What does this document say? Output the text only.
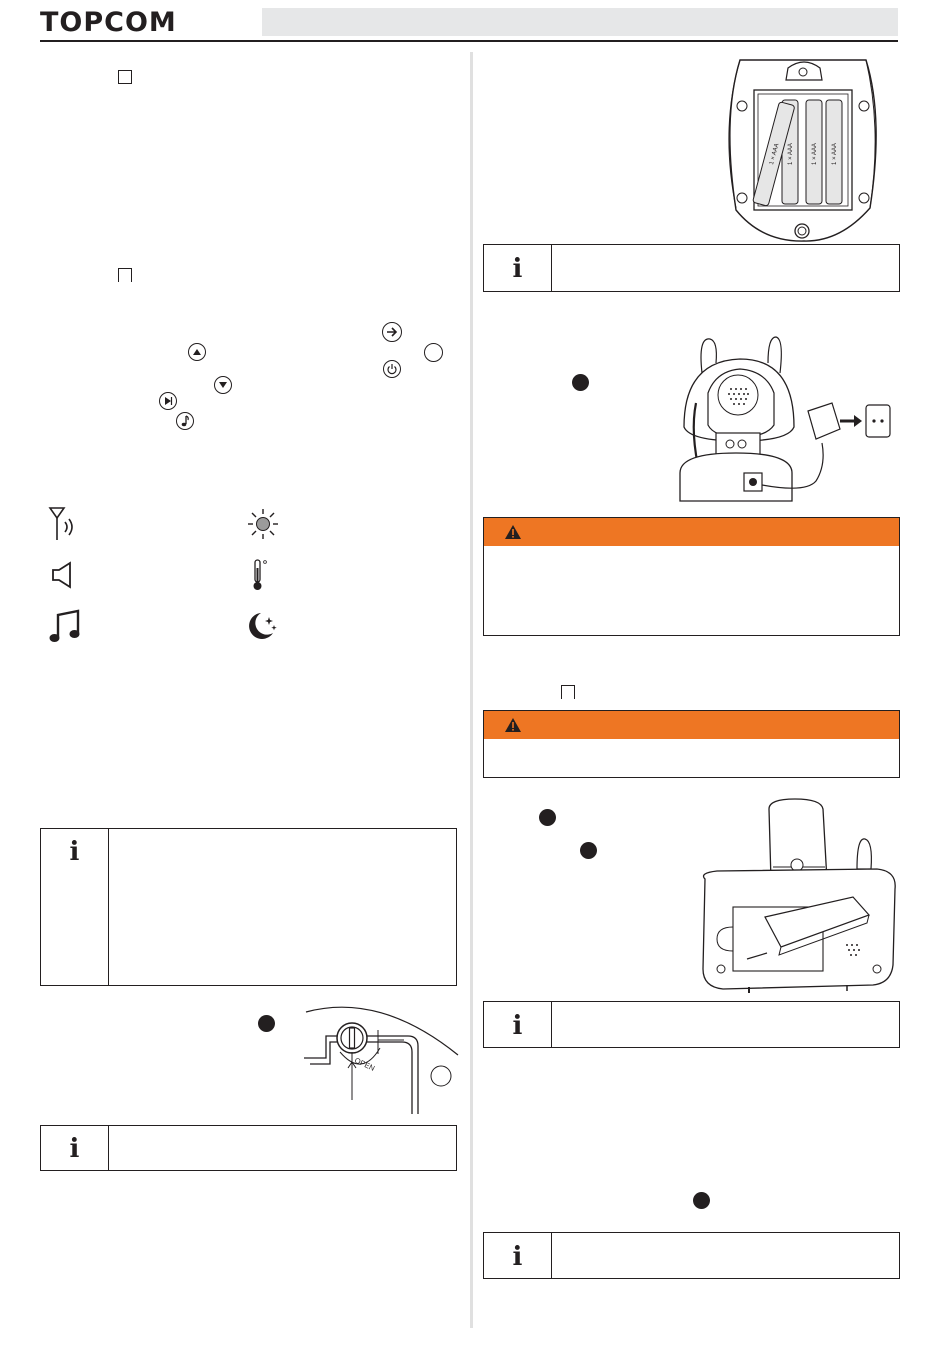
TOPCOM
i
OPEN
i
1 × AAA 1 × AAA	1 × AAA 1 × AAA
i
i
i
